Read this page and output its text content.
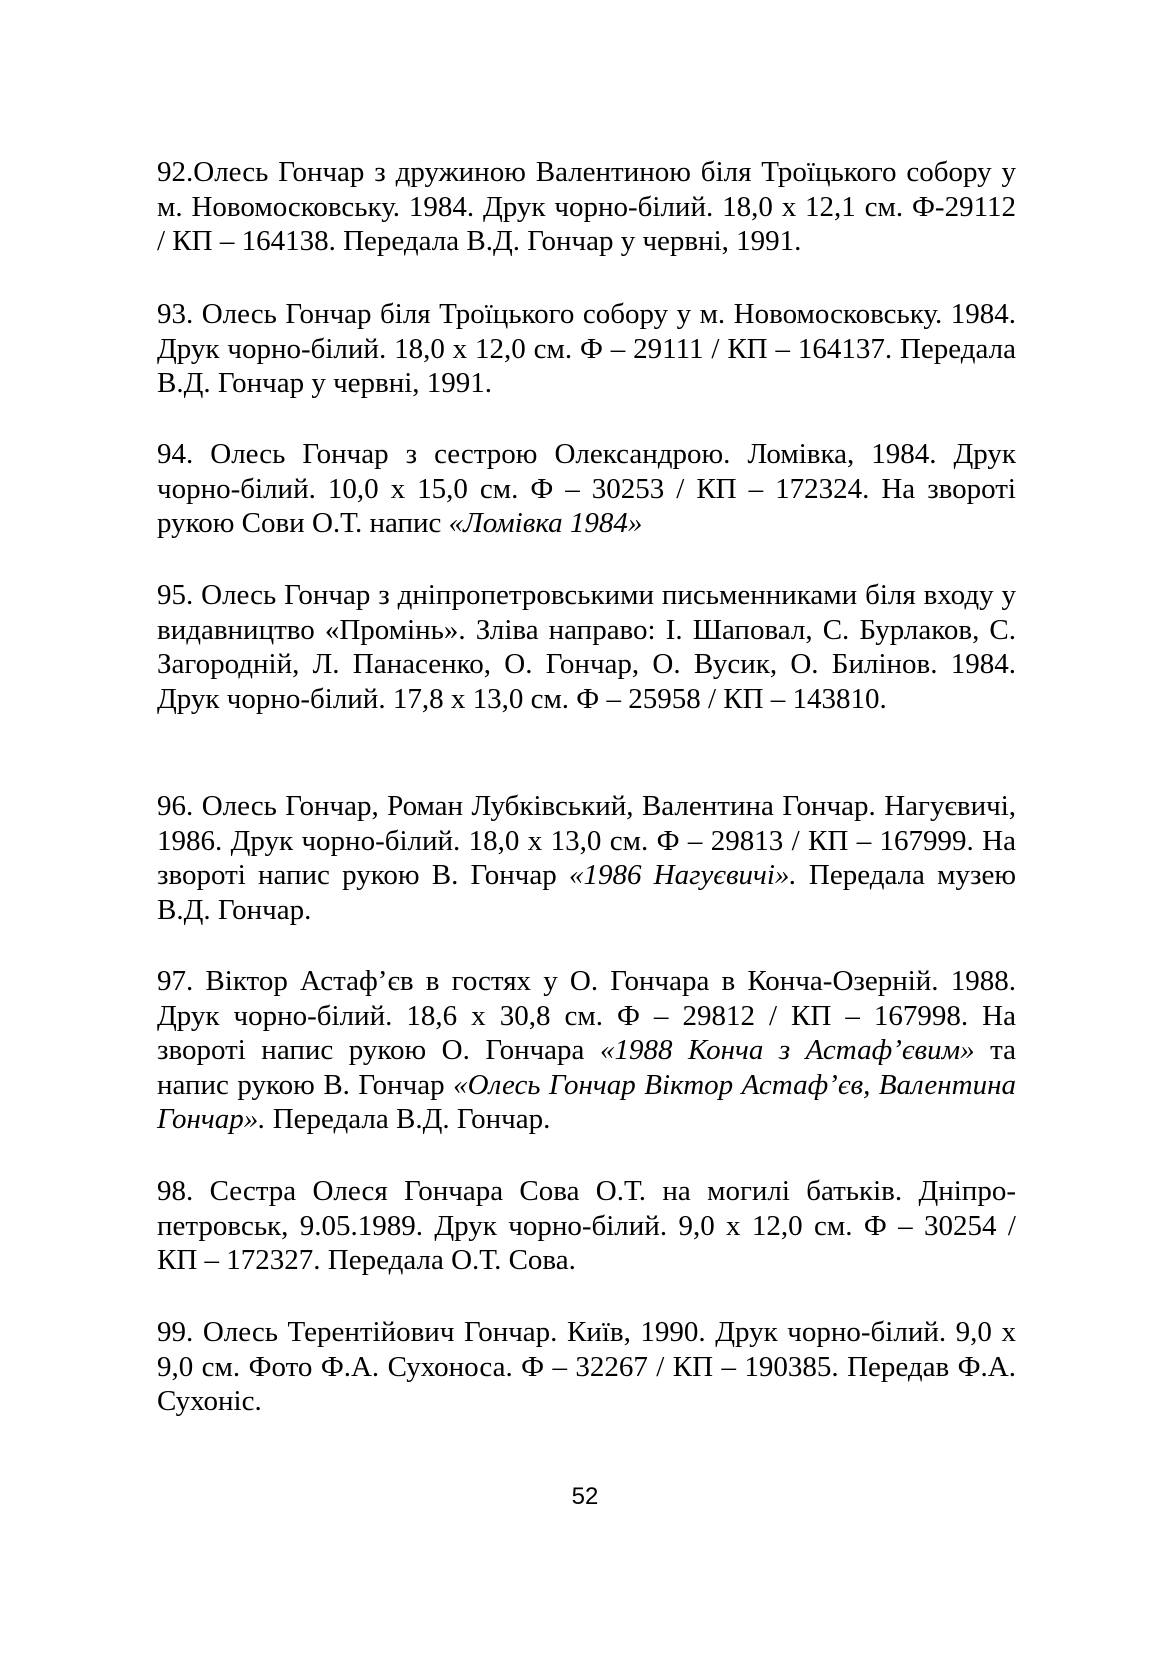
92.Олесь Гончар з дружиною Валентиною біля Троїцького собору у м. Новомосковську. 1984. Друк чорно-білий. 18,0 х 12,1 см. Ф-29112 / КП – 164138. Передала В.Д. Гончар у червні, 1991.

93. Олесь Гончар біля Троїцького собору у м. Новомосковську. 1984. Друк чорно-білий. 18,0 х 12,0 см. Ф – 29111 / КП – 164137. Передала В.Д. Гончар у червні, 1991.

94. Олесь Гончар з сестрою Олександрою. Ломівка, 1984. Друк чорно-білий. 10,0 х 15,0 см. Ф – 30253 / КП – 172324. На звороті рукою Сови О.Т. напис «Ломівка 1984»

95. Олесь Гончар з дніпропетровськими письменниками біля входу у видавництво «Промінь». Зліва направо: І. Шаповал, С. Бурлаков, С. Загородній, Л. Панасенко, О. Гончар, О. Вусик, О. Билінов. 1984. Друк чорно-білий. 17,8 х 13,0 см. Ф – 25958 / КП – 143810.

96. Олесь Гончар, Роман Лубківський, Валентина Гончар. Нагуєвичі, 1986. Друк чорно-білий. 18,0 х 13,0 см. Ф – 29813 / КП – 167999. На звороті напис рукою В. Гончар «1986 Нагуєвичі». Передала музею В.Д. Гончар.

97. Віктор Астаф’єв в гостях у О. Гончара в Конча-Озерній. 1988. Друк чорно-білий. 18,6 х 30,8 см. Ф – 29812 / КП – 167998. На звороті напис рукою О. Гончара «1988 Конча з Астаф’євим» та напис рукою В. Гончар «Олесь Гончар Віктор Астаф’єв, Валентина Гончар». Передала В.Д. Гончар.

98. Сестра Олеся Гончара Сова О.Т. на могилі батьків. Дніпропетровськ, 9.05.1989. Друк чорно-білий. 9,0 х 12,0 см. Ф – 30254 / КП – 172327. Передала О.Т. Сова.

99. Олесь Терентійович Гончар. Київ, 1990. Друк чорно-білий. 9,0 х 9,0 см. Фото Ф.А. Сухоноса. Ф – 32267 / КП – 190385. Передав Ф.А. Сухоніс.

52
